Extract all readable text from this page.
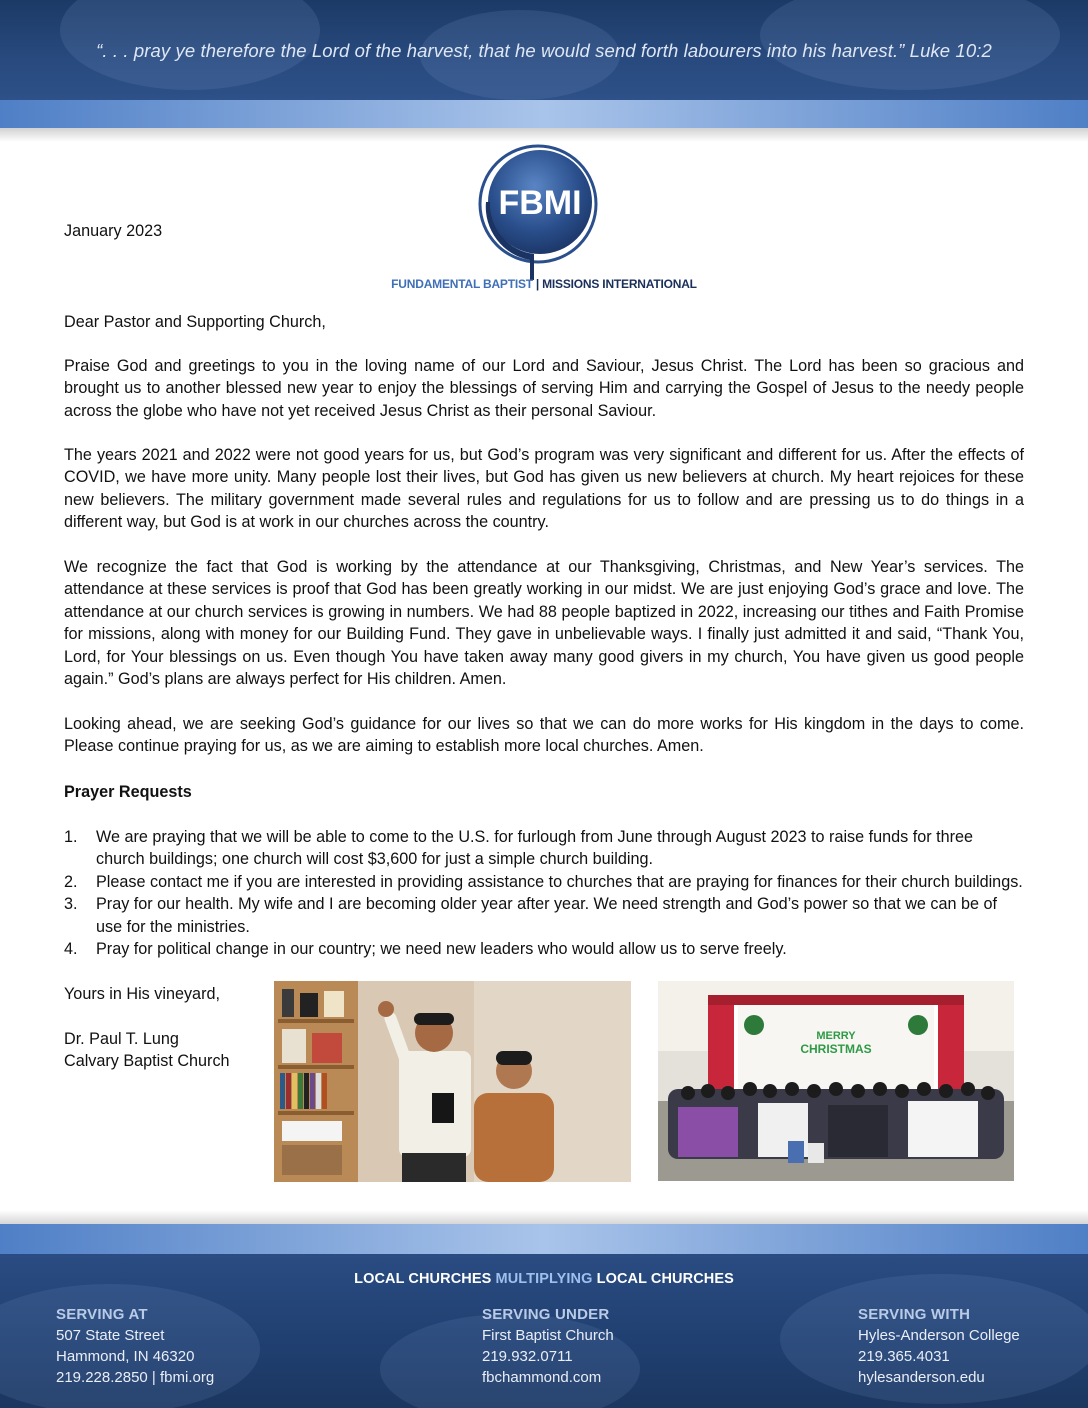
“. . . pray ye therefore the Lord of the harvest, that he would send forth labourers into his harvest.” Luke 10:2
FBMI
FUNDAMENTAL BAPTIST | MISSIONS INTERNATIONAL
January 2023
Dear Pastor and Supporting Church,
Praise God and greetings to you in the loving name of our Lord and Saviour, Jesus Christ. The Lord has been so gracious and brought us to another blessed new year to enjoy the blessings of serving Him and carrying the Gospel of Jesus to the needy people across the globe who have not yet received Jesus Christ as their personal Saviour.
The years 2021 and 2022 were not good years for us, but God’s program was very significant and different for us. After the effects of COVID, we have more unity. Many people lost their lives, but God has given us new believers at church. My heart rejoices for these new believers. The military government made several rules and regulations for us to follow and are pressing us to do things in a different way, but God is at work in our churches across the country.
We recognize the fact that God is working by the attendance at our Thanksgiving, Christmas, and New Year’s services. The attendance at these services is proof that God has been greatly working in our midst. We are just enjoying God’s grace and love. The attendance at our church services is growing in numbers. We had 88 people baptized in 2022, increasing our tithes and Faith Promise for missions, along with money for our Building Fund. They gave in unbelievable ways. I finally just admitted it and said, “Thank You, Lord, for Your blessings on us. Even though You have taken away many good givers in my church, You have given us good people again.” God’s plans are always perfect for His children. Amen.
Looking ahead, we are seeking God’s guidance for our lives so that we can do more works for His kingdom in the days to come. Please continue praying for us, as we are aiming to establish more local churches. Amen.
Prayer Requests
1. We are praying that we will be able to come to the U.S. for furlough from June through August 2023 to raise funds for three church buildings; one church will cost $3,600 for just a simple church building.
2. Please contact me if you are interested in providing assistance to churches that are praying for finances for their church buildings.
3. Pray for our health. My wife and I are becoming older year after year. We need strength and God’s power so that we can be of use for the ministries.
4. Pray for political change in our country; we need new leaders who would allow us to serve freely.
Yours in His vineyard,
Dr. Paul T. Lung
Calvary Baptist Church
MERRY
CHRISTMAS
LOCAL CHURCHES MULTIPLYING LOCAL CHURCHES
SERVING AT
507 State Street
Hammond, IN 46320
219.228.2850 | fbmi.org
SERVING UNDER
First Baptist Church
219.932.0711
fbchammond.com
SERVING WITH
Hyles-Anderson College
219.365.4031
hylesanderson.edu
